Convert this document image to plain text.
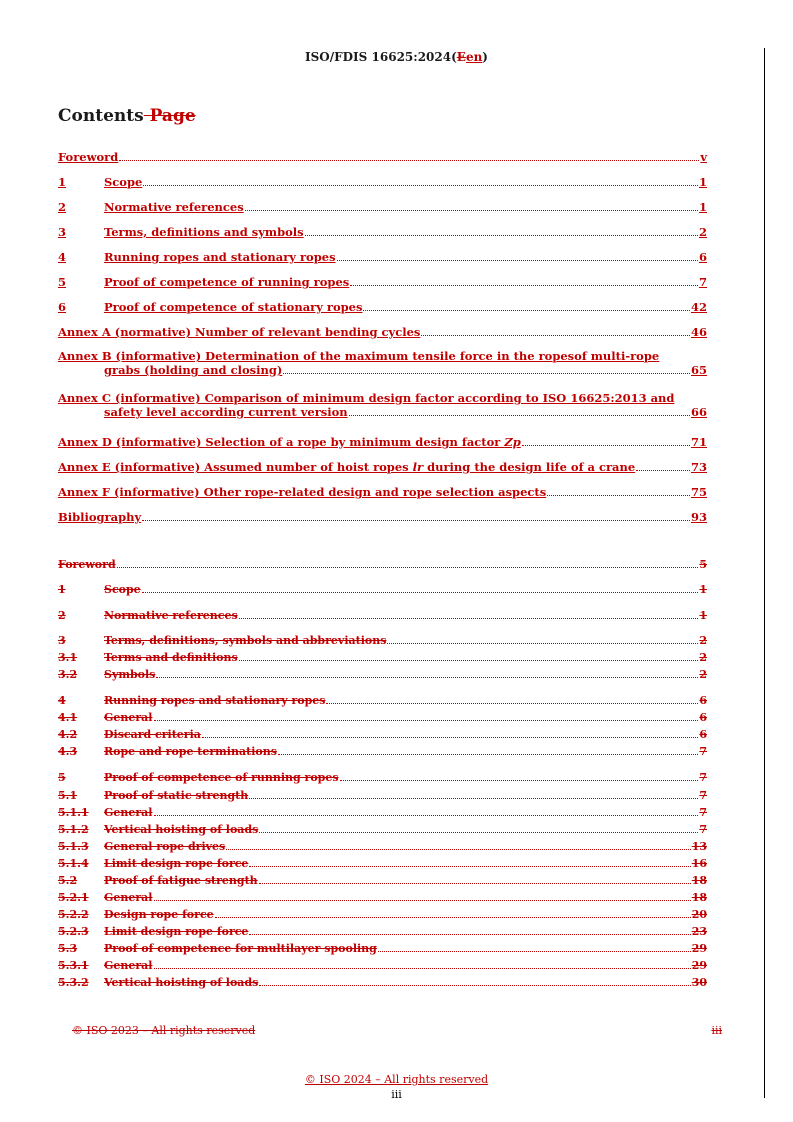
ISO/FDIS 16625:2024(Een)
Contents Page
Foreword	v
1	Scope	1
2	Normative references	1
3	Terms, definitions and symbols	2
4	Running ropes and stationary ropes	6
5	Proof of competence of running ropes	7
6	Proof of competence of stationary ropes	42
Annex A (normative) Number of relevant bending cycles	46
Annex B (informative) Determination of the maximum tensile force in the ropesof multi-rope
grabs (holding and closing)	65
Annex C (informative) Comparison of minimum design factor according to ISO 16625:2013 and
safety level according current version	66
Annex D (informative) Selection of a rope by minimum design factor Zp	71
Annex E (informative) Assumed number of hoist ropes lr during the design life of a crane	73
Annex F (informative) Other rope-related design and rope selection aspects	75
Bibliography	93
Foreword	5
1	Scope	1
2	Normative references	1
3	Terms, definitions, symbols and abbreviations	2
3.1	Terms and definitions	2
3.2	Symbols	2
4	Running ropes and stationary ropes	6
4.1	General	6
4.2	Discard criteria	6
4.3	Rope and rope terminations	7
5	Proof of competence of running ropes	7
5.1	Proof of static strength	7
5.1.1	General	7
5.1.2	Vertical hoisting of loads	7
5.1.3	General rope drives	13
5.1.4	Limit design rope force	16
5.2	Proof of fatigue strength	18
5.2.1	General	18
5.2.2	Design rope force	20
5.2.3	Limit design rope force	23
5.3	Proof of competence for multilayer spooling	29
5.3.1	General	29
5.3.2	Vertical hoisting of loads	30
© ISO 2023 – All rights reserved	iii
© ISO 2024 – All rights reserved
iii
